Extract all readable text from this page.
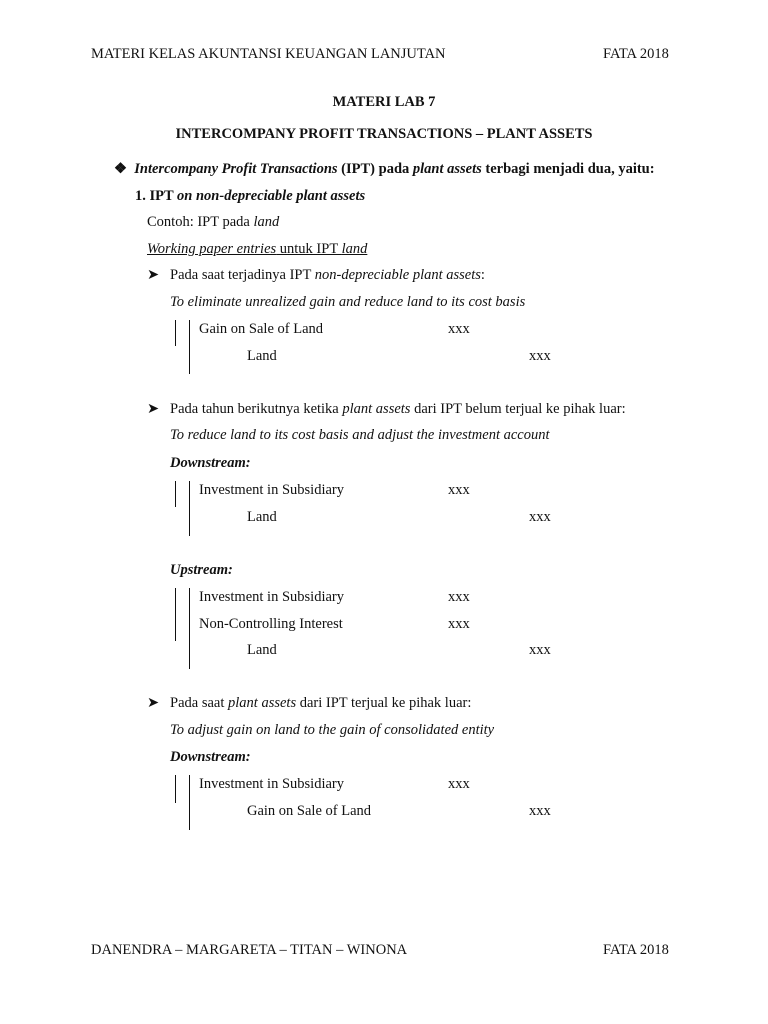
MATERI KELAS AKUNTANSI KEUANGAN LANJUTAN	FATA 2018
MATERI LAB 7
INTERCOMPANY PROFIT TRANSACTIONS – PLANT ASSETS
❖ Intercompany Profit Transactions (IPT) pada plant assets terbagi menjadi dua, yaitu:
1. IPT on non-depreciable plant assets
Contoh: IPT pada land
Working paper entries untuk IPT land
➤ Pada saat terjadinya IPT non-depreciable plant assets:
To eliminate unrealized gain and reduce land to its cost basis
Gain on Sale of Land	xxx
Land	xxx
➤ Pada tahun berikutnya ketika plant assets dari IPT belum terjual ke pihak luar:
To reduce land to its cost basis and adjust the investment account
Downstream:
Investment in Subsidiary	xxx
Land	xxx
Upstream:
Investment in Subsidiary	xxx
Non-Controlling Interest	xxx
Land	xxx
➤ Pada saat plant assets dari IPT terjual ke pihak luar:
To adjust gain on land to the gain of consolidated entity
Downstream:
Investment in Subsidiary	xxx
Gain on Sale of Land	xxx
DANENDRA – MARGARETA – TITAN – WINONA	FATA 2018
